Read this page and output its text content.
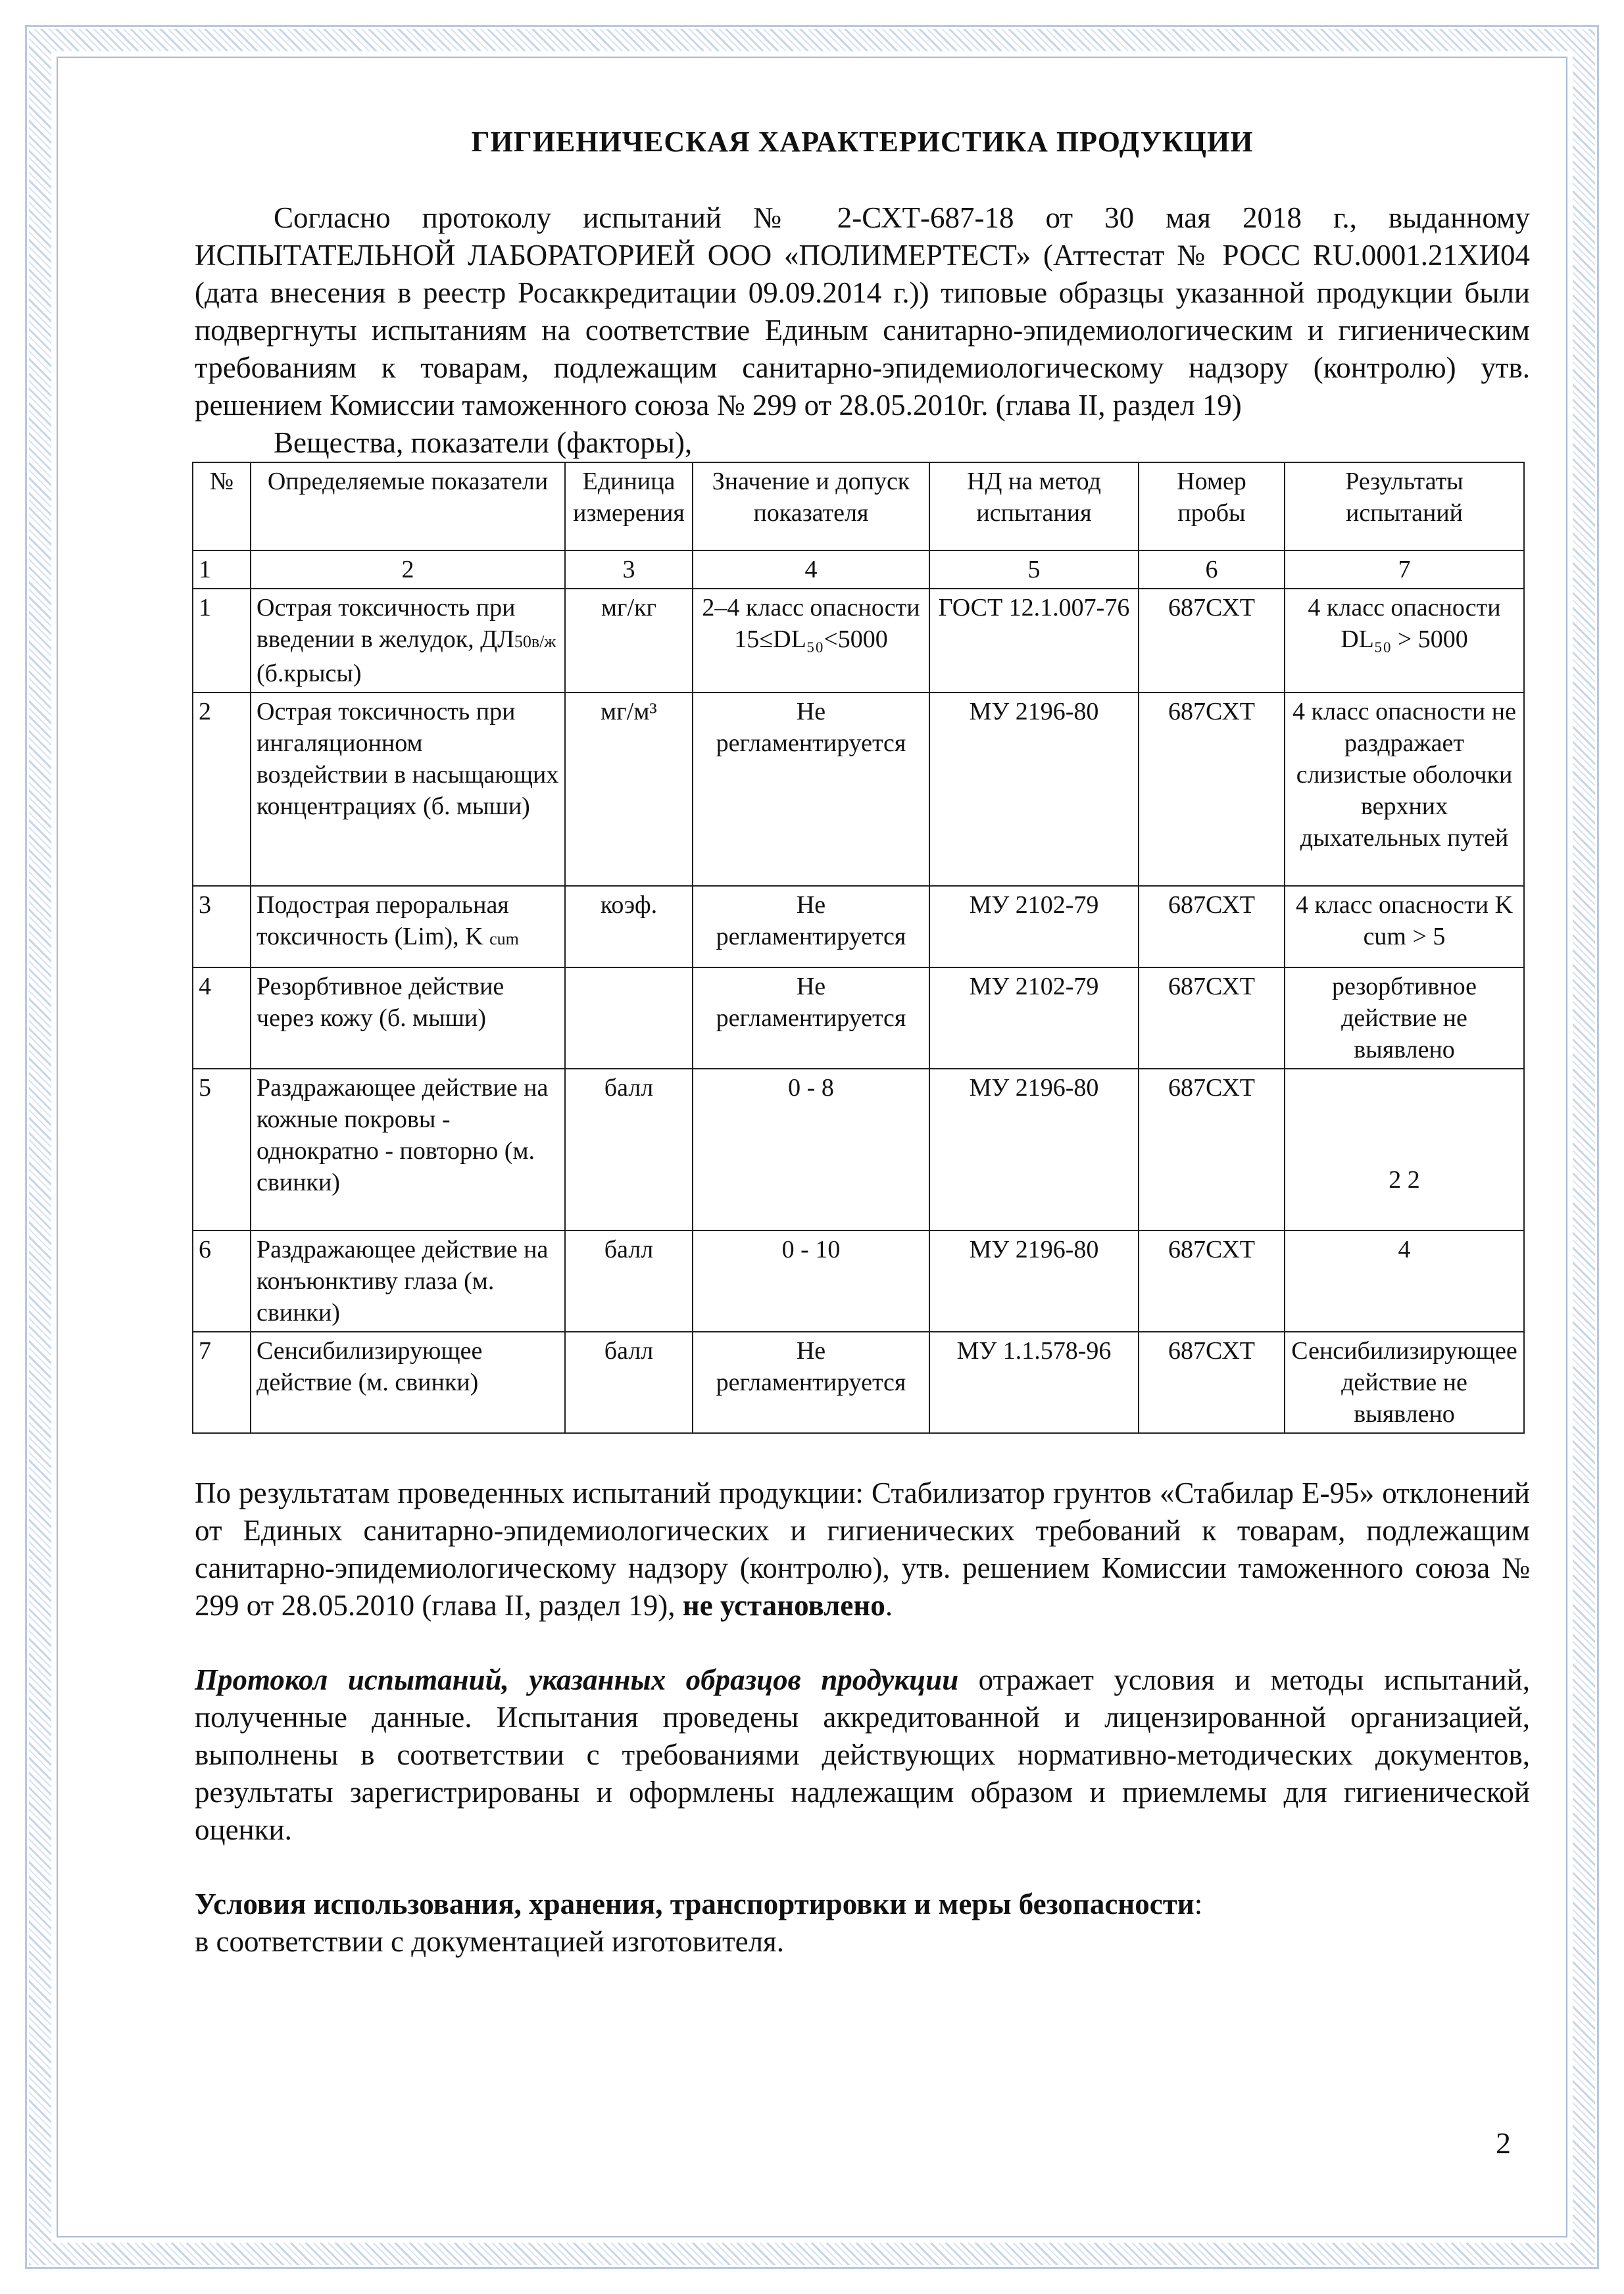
ГИГИЕНИЧЕСКАЯ ХАРАКТЕРИСТИКА ПРОДУКЦИИ

Согласно протоколу испытаний № 2-СХТ-687-18 от 30 мая 2018 г., выданному ИСПЫТАТЕЛЬНОЙ ЛАБОРАТОРИЕЙ ООО «ПОЛИМЕРТЕСТ» (Аттестат № РОСС RU.0001.21ХИ04 (дата внесения в реестр Росаккредитации 09.09.2014 г.)) типовые образцы указанной продукции были подвергнуты испытаниям на соответствие Единым санитарно-эпидемиологическим и гигиеническим требованиям к товарам, подлежащим санитарно-эпидемиологическому надзору (контролю) утв. решением Комиссии таможенного союза № 299 от 28.05.2010г. (глава II, раздел 19)

Вещества, показатели (факторы),

№	Определяемые показатели	Единица измерения	Значение и допуск показателя	НД на метод испытания	Номер пробы	Результаты испытаний
1	2	3	4	5	6	7
1	Острая токсичность при введении в желудок, ДЛ50в/ж (б.крысы)	мг/кг	2–4 класс опасности 15≤DL₅₀<5000	ГОСТ 12.1.007-76	687СХТ	4 класс опасности DL₅₀ > 5000
2	Острая токсичность при ингаляционном воздействии в насыщающих концентрациях (б. мыши)	мг/м³	Не регламентируется	МУ 2196-80	687СХТ	4 класс опасности не раздражает слизистые оболочки верхних дыхательных путей
3	Подострая пероральная токсичность (Lim), K cum	коэф.	Не регламентируется	МУ 2102-79	687СХТ	4 класс опасности K cum > 5
4	Резорбтивное действие через кожу (б. мыши)		Не регламентируется	МУ 2102-79	687СХТ	резорбтивное действие не выявлено
5	Раздражающее действие на кожные покровы - однократно - повторно (м. свинки)	балл	0 - 8	МУ 2196-80	687СХТ	2 2
6	Раздражающее действие на конъюнктиву глаза (м. свинки)	балл	0 - 10	МУ 2196-80	687СХТ	4
7	Сенсибилизирующее действие (м. свинки)	балл	Не регламентируется	МУ 1.1.578-96	687СХТ	Сенсибилизирующее действие не выявлено

По результатам проведенных испытаний продукции: Стабилизатор грунтов «Стабилар Е-95» отклонений от Единых санитарно-эпидемиологических и гигиенических требований к товарам, подлежащим санитарно-эпидемиологическому надзору (контролю), утв. решением Комиссии таможенного союза № 299 от 28.05.2010 (глава II, раздел 19), не установлено.

Протокол испытаний, указанных образцов продукции отражает условия и методы испытаний, полученные данные. Испытания проведены аккредитованной и лицензированной организацией, выполнены в соответствии с требованиями действующих нормативно-методических документов, результаты зарегистрированы и оформлены надлежащим образом и приемлемы для гигиенической оценки.

Условия использования, хранения, транспортировки и меры безопасности:
в соответствии с документацией изготовителя.

2
